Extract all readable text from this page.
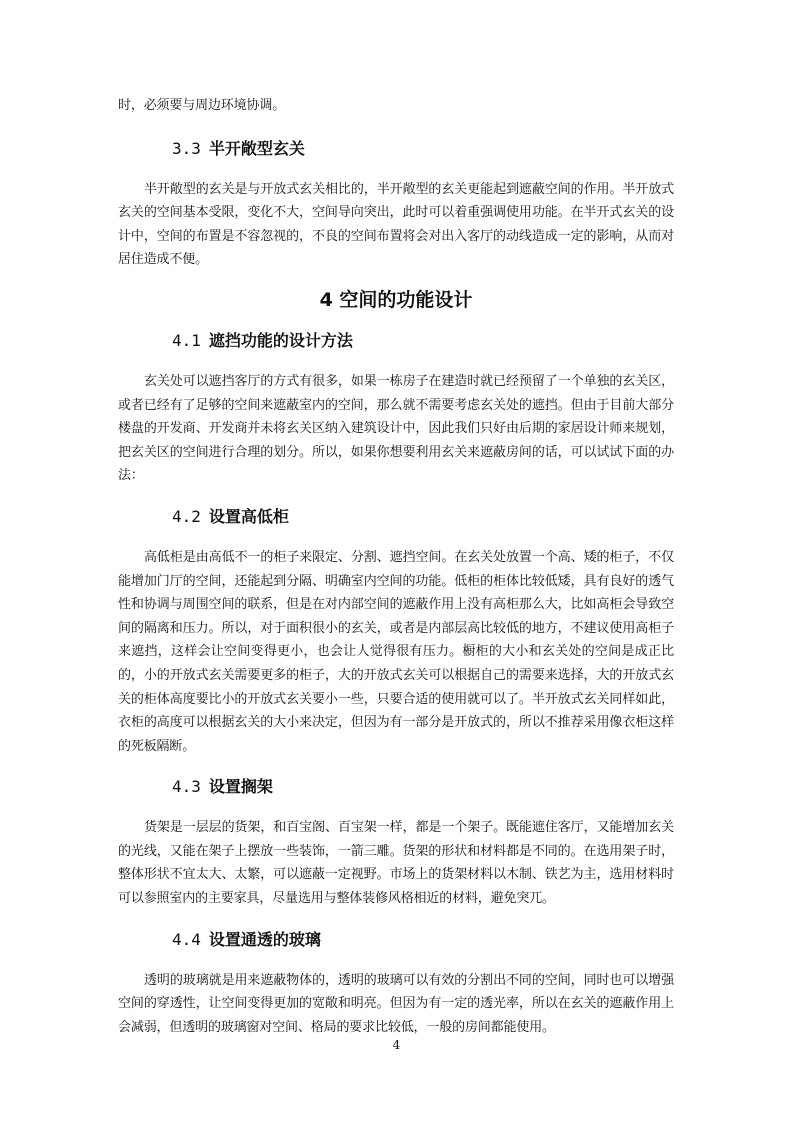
时，必须要与周边环境协调。

3.3 半开敞型玄关

半开敞型的玄关是与开放式玄关相比的，半开敞型的玄关更能起到遮蔽空间的作用。半开放式玄关的空间基本受限，变化不大，空间导向突出，此时可以着重强调使用功能。在半开式玄关的设计中，空间的布置是不容忽视的，不良的空间布置将会对出入客厅的动线造成一定的影响，从而对居住造成不便。

4 空间的功能设计
4.1 遮挡功能的设计方法

玄关处可以遮挡客厅的方式有很多，如果一栋房子在建造时就已经预留了一个单独的玄关区，或者已经有了足够的空间来遮蔽室内的空间，那么就不需要考虑玄关处的遮挡。但由于目前大部分楼盘的开发商、开发商并未将玄关区纳入建筑设计中，因此我们只好由后期的家居设计师来规划，把玄关区的空间进行合理的划分。所以，如果你想要利用玄关来遮蔽房间的话，可以试试下面的办法：

4.2 设置高低柜

高低柜是由高低不一的柜子来限定、分割、遮挡空间。在玄关处放置一个高、矮的柜子，不仅能增加门厅的空间，还能起到分隔、明确室内空间的功能。低柜的柜体比较低矮，具有良好的透气性和协调与周围空间的联系，但是在对内部空间的遮蔽作用上没有高柜那么大，比如高柜会导致空间的隔离和压力。所以，对于面积很小的玄关，或者是内部层高比较低的地方，不建议使用高柜子来遮挡，这样会让空间变得更小，也会让人觉得很有压力。橱柜的大小和玄关处的空间是成正比的，小的开放式玄关需要更多的柜子，大的开放式玄关可以根据自己的需要来选择，大的开放式玄关的柜体高度要比小的开放式玄关要小一些，只要合适的使用就可以了。半开放式玄关同样如此，衣柜的高度可以根据玄关的大小来决定，但因为有一部分是开放式的，所以不推荐采用像衣柜这样的死板隔断。

4.3 设置搁架

货架是一层层的货架，和百宝阁、百宝架一样，都是一个架子。既能遮住客厅，又能增加玄关的光线，又能在架子上摆放一些装饰，一箭三雕。货架的形状和材料都是不同的。在选用架子时，整体形状不宜太大、太繁，可以遮蔽一定视野。市场上的货架材料以木制、铁艺为主，选用材料时可以参照室内的主要家具，尽量选用与整体装修风格相近的材料，避免突兀。

4.4 设置通透的玻璃

透明的玻璃就是用来遮蔽物体的，透明的玻璃可以有效的分割出不同的空间，同时也可以增强空间的穿透性，让空间变得更加的宽敞和明亮。但因为有一定的透光率，所以在玄关的遮蔽作用上会减弱，但透明的玻璃窗对空间、格局的要求比较低，一般的房间都能使用。

4
